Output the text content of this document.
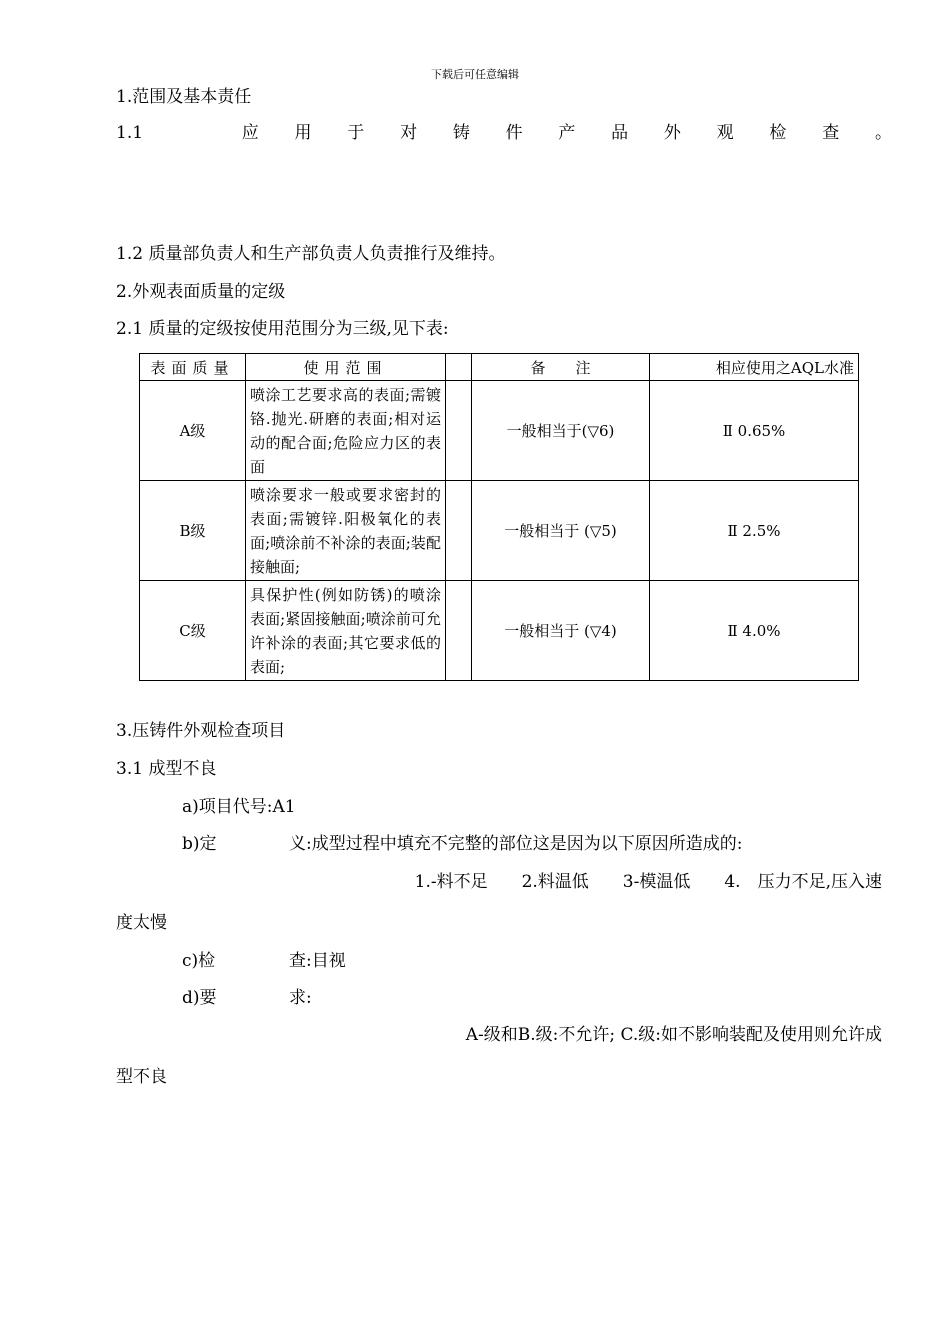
下载后可任意编辑
1.范围及基本责任
1.1	应 用 于 对 铸 件 产 品 外 观 检 查 。
1.2 质量部负责人和生产部负责人负责推行及维持。
2.外观表面质量的定级
2.1 质量的定级按使用范围分为三级,见下表:
表面质量	使用范围		备　　注	相应使用之AQL水准
A级	喷涂工艺要求高的表面;需镀铬.抛光.研磨的表面;相对运动的配合面;危险应力区的表面		一般相当于(▽6)	Ⅱ 0.65%
B级	喷涂要求一般或要求密封的表面;需镀锌.阳极氧化的表面;喷涂前不补涂的表面;装配接触面;		一般相当于 (▽5)	Ⅱ 2.5%
C级	具保护性(例如防锈)的喷涂表面;紧固接触面;喷涂前可允许补涂的表面;其它要求低的表面;		一般相当于 (▽4)	Ⅱ 4.0%
3.压铸件外观检查项目
3.1 成型不良
a)项目代号:A1
b)定	义:成型过程中填充不完整的部位这是因为以下原因所造成的:
1.-料不足　　2.料温低　　3-模温低　　4.　压力不足,压入速
度太慢
c)检	查:目视
d)要	求:
A-级和B.级:不允许; C.级:如不影响装配及使用则允许成
型不良
